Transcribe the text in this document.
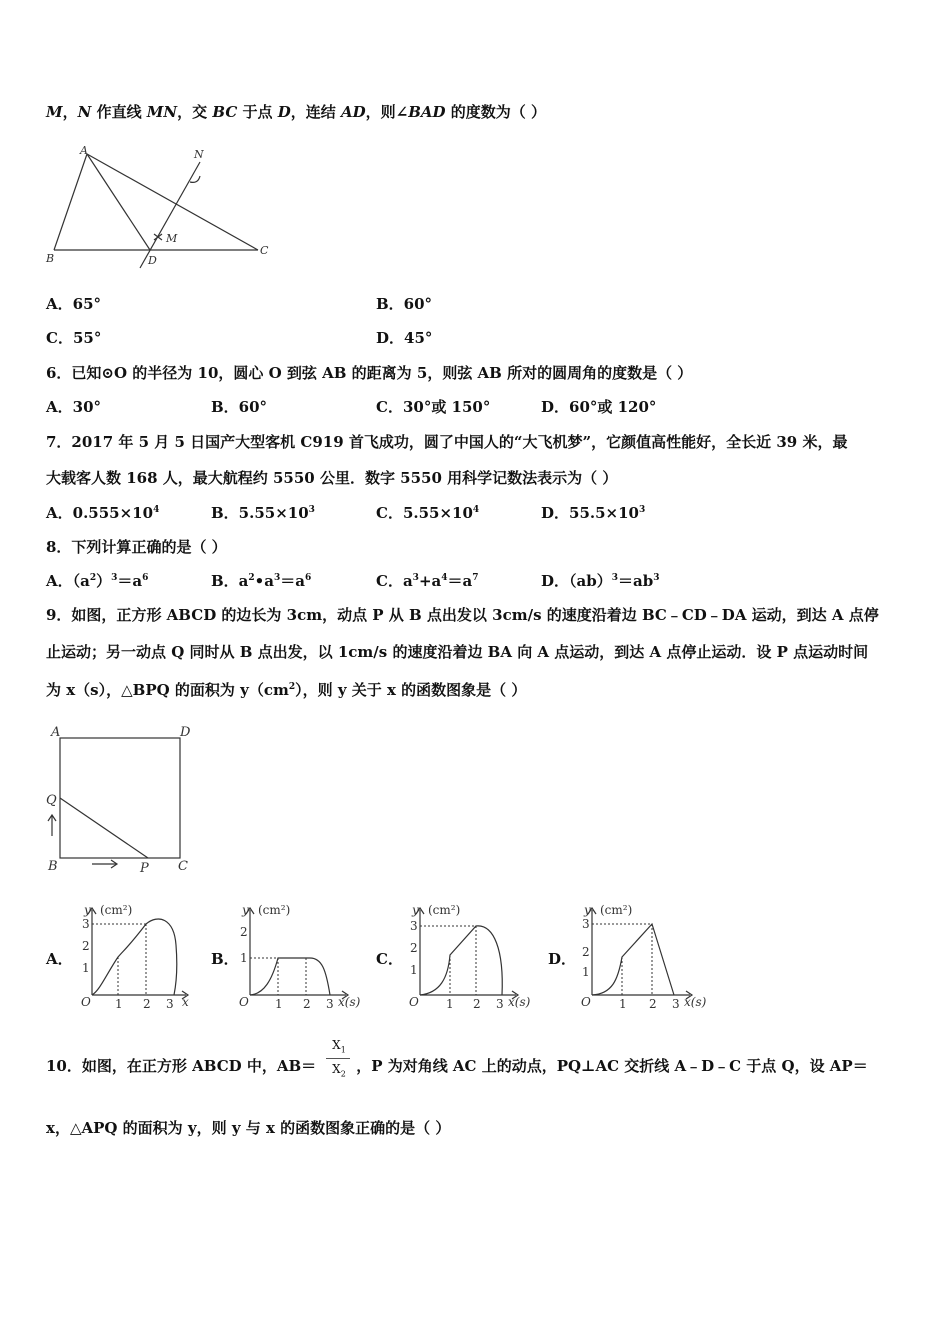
M，N 作直线 MN，交 BC 于点 D，连结 AD，则∠BAD 的度数为（ ）
A
B
C
D
M
N
A．65°	B．60°
C．55°	D．45°
6．已知⊙O 的半径为 10，圆心 O 到弦 AB 的距离为 5，则弦 AB 所对的圆周角的度数是（ ）
A．30°	B．60°	C．30°或 150°	D．60°或 120°
7．2017 年 5 月 5 日国产大型客机 C919 首飞成功，圆了中国人的“大飞机梦”，它颜值高性能好，全长近 39 米，最
大载客人数 168 人，最大航程约 5550 公里．数字 5550 用科学记数法表示为（ ）
A．$0.555\times 10^4$	B．$5.55\times 10^3$	C．$5.55\times 10^4$	D．$55.5\times 10^3$
8．下列计算正确的是（ ）
A．$(a^2)^3=a^6$	B．$a^2•a^3=a^6$	C．$a^3+a^4=a^7$	D．$(ab)^3=ab^3$
9．如图，正方形 ABCD 的边长为 3cm，动点 P 从 B 点出发以 3cm/s 的速度沿着边 BC﹣CD﹣DA 运动，到达 A 点停
止运动；另一动点 Q 同时从 B 点出发，以 1cm/s 的速度沿着边 BA 向 A 点运动，到达 A 点停止运动．设 P 点运动时间
为 x（s），△BPQ 的面积为 $y(cm^2)$，则 y 关于 x 的函数图象是（ ）
A	D
B	C
P
Q
A．	B．	C．	D．
y (cm²)
3
2
1
O 1 2 3 x
y (cm²)
2
1
O 1 2 3 x(s)
y (cm²)
3
2
1
O 1 2 3 x(s)
y (cm²)
3
2
1
O 1 2 3 x(s)
10．如图，在正方形 ABCD 中，AB＝	，P 为对角线 AC 上的动点，PQ⊥AC 交折线 A﹣D﹣C 于点 Q，设 AP＝
$X_1$
$X_2$
x，△APQ 的面积为 y，则 y 与 x 的函数图象正确的是（ ）
